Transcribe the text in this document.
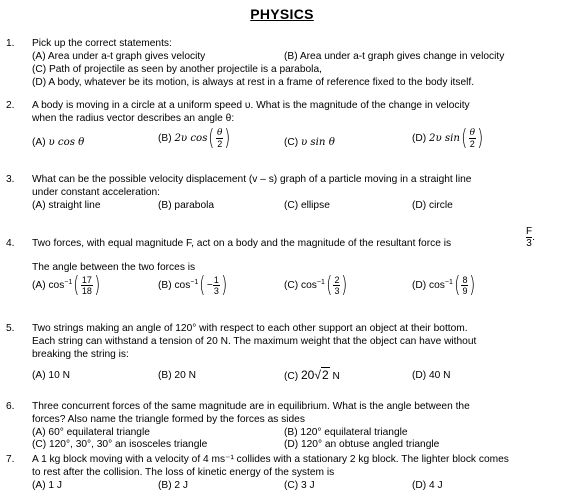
PHYSICS
1. Pick up the correct statements:
(A) Area under a-t graph gives velocity	(B) Area under a-t graph gives change in velocity
(C) Path of projectile as seen by another projectile is a parabola,
(D) A body, whatever be its motion, is always at rest in a frame of reference fixed to the body itself.
2. A body is moving in a circle at a uniform speed υ. What is the magnitude of the change in velocity
when the radius vector describes an angle θ:
(A) υ cos θ	(B) 2υ $\cos( \frac{\theta}{2}$ )	(C) υ sin θ	(D) 2υ $\sin( \frac{\theta}{2}$ )
3. What can be the possible velocity displacement (v – s) graph of a particle moving in a straight line
under constant acceleration:
(A) straight line	(B) parabola	(C) ellipse	(D) circle
4. Two forces, with equal magnitude F, act on a body and the magnitude of the resultant force is	$\frac{F}{3}$.
The angle between the two forces is
(A) $\cos^{-1}( \frac{17}{18}$ )	(B) $\cos^{-1}(- \frac{1}{3}$ )	(C) $\cos^{-1}( \frac{2}{3}$ )	(D) $\cos^{-1}( \frac{8}{9}$ )
5. Two strings making an angle of 120° with respect to each other support an object at their bottom.
Each string can withstand a tension of 20 N. The maximum weight that the object can have without
breaking the string is:
(A) 10 N	(B) 20 N	(C) 20√2 N	(D) 40 N
6. Three concurrent forces of the same magnitude are in equilibrium. What is the angle between the
forces? Also name the triangle formed by the forces as sides
(A) 60° equilateral triangle	(B) 120° equilateral triangle
(C) 120°, 30°, 30° an isosceles triangle	(D) 120° an obtuse angled triangle
7. A 1 kg block moving with a velocity of 4 ms⁻¹ collides with a stationary 2 kg block. The lighter block comes
to rest after the collision. The loss of kinetic energy of the system is
(A) 1 J	(B) 2 J	(C) 3 J	(D) 4 J
